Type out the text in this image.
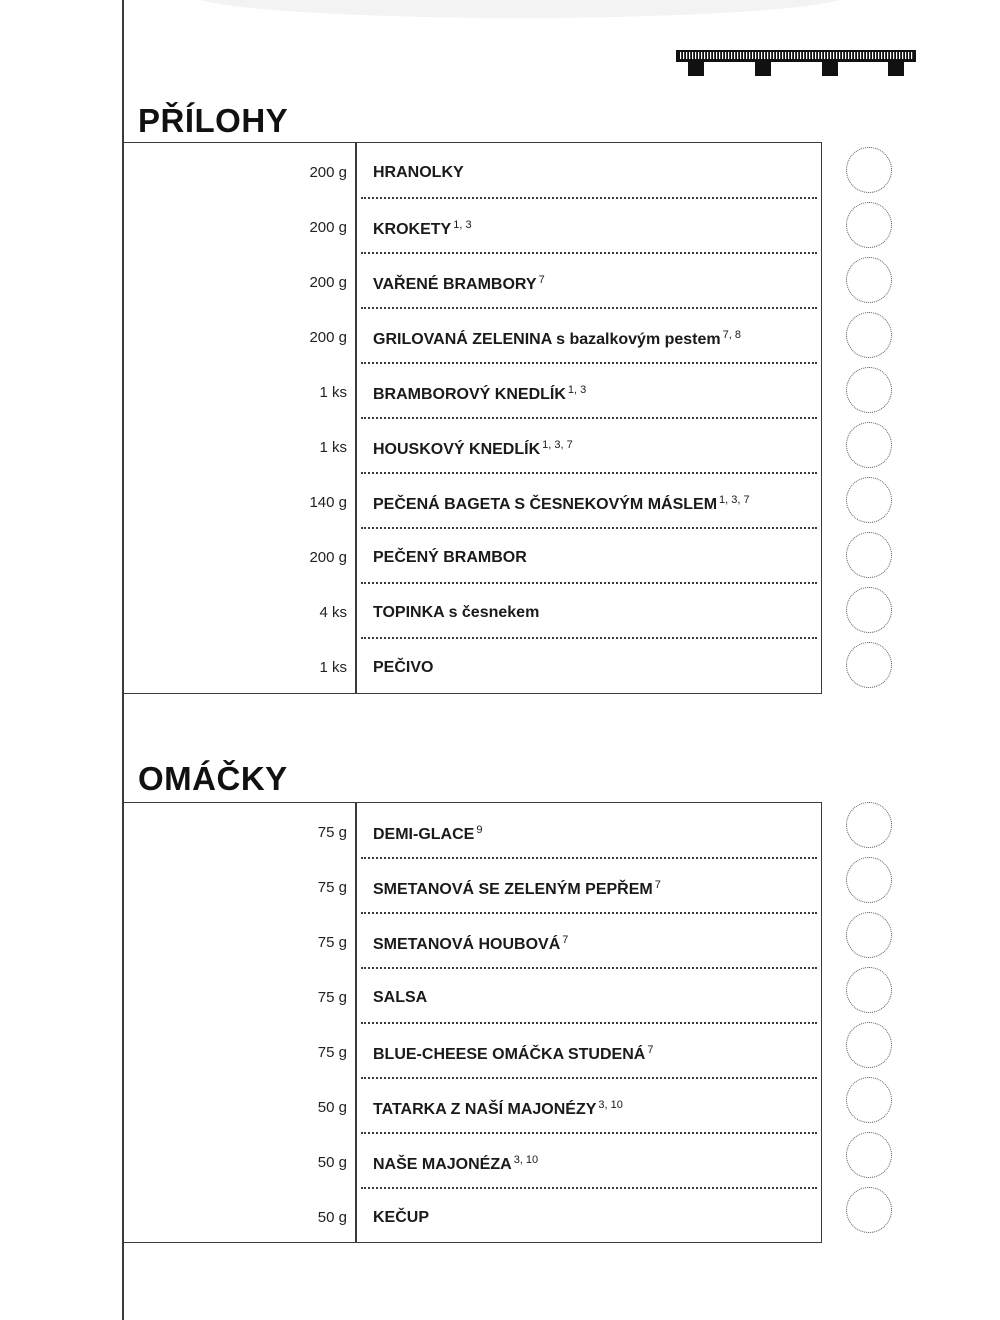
PŘÍLOHY
200 g HRANOLKY
200 g KROKETY $^{1, 3}$
200 g VAŘENÉ BRAMBORY $^7$
200 g GRILOVANÁ ZELENINA s bazalkovým pestem $^{7, 8}$
1 ks BRAMBOROVÝ KNEDLÍK $^{1, 3}$
1 ks HOUSKOVÝ KNEDLÍK $^{1, 3, 7}$
140 g PEČENÁ BAGETA S ČESNEKOVÝM MÁSLEM $^{1, 3, 7}$
200 g PEČENÝ BRAMBOR
4 ks TOPINKA s česnekem
1 ks PEČIVO
OMÁČKY
75 g DEMI-GLACE $^9$
75 g SMETANOVÁ SE ZELENÝM PEPŘEM $^7$
75 g SMETANOVÁ HOUBOVÁ $^7$
75 g SALSA
75 g BLUE-CHEESE OMÁČKA STUDENÁ $^7$
50 g TATARKA Z NAŠÍ MAJONÉZY $^{3, 10}$
50 g NAŠE MAJONÉZA $^{3, 10}$
50 g KEČUP
